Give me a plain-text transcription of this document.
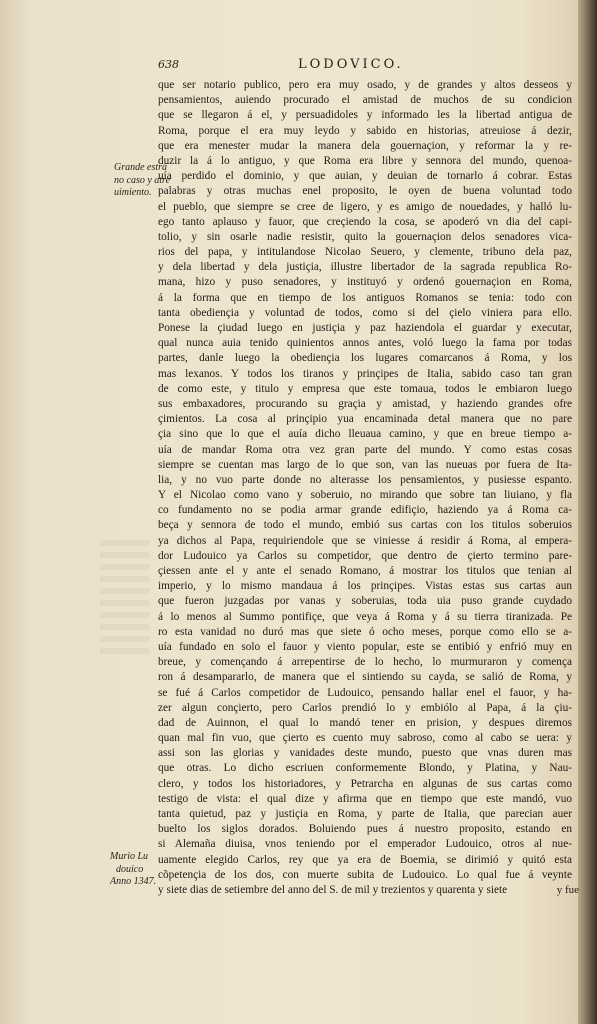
638	LODOVICO.
Grande estrá
no caso y atre
uimiento.
Murio Lu
douico
Anno 1347.
que ser notario publico, pero era muy osado, y de grandes y altos desseos y
pensamientos, auiendo procurado el amistad de muchos de su condicion
que se llegaron á el, y persuadidoles y informado les la libertad antigua de
Roma, porque el era muy leydo y sabido en historias, atreuiose á dezir,
que era menester mudar la manera dela gouernaçion, y reformar la y re-
duzir la á lo antiguo, y que Roma era libre y sennora del mundo, quenoa-
uía perdido el dominio, y que auian, y deuian de tornarlo á cobrar. Estas
palabras y otras muchas enel proposito, le oyen de buena voluntad todo
el pueblo, que siempre se cree de ligero, y es amigo de nouedades, y halló lu-
ego tanto aplauso y fauor, que creçiendo la cosa, se apoderó vn dia del capi-
tolio, y sin osarle nadie resistir, quito la gouernaçion delos senadores vica-
rios del papa, y intitulandose Nicolao Seuero, y clemente, tribuno dela paz,
y dela libertad y dela justiçia, illustre libertador de la sagrada republica Ro-
mana, hizo y puso senadores, y instituyó y ordenó gouernaçion en Roma,
á la forma que en tiempo de los antiguos Romanos se tenia: todo con
tanta obediençia y voluntad de todos, como si del çielo viniera para ello.
Ponese la çiudad luego en justiçia y paz haziendola el guardar y executar,
qual nunca auia tenido quinientos annos antes, voló luego la fama por todas
partes, danle luego la obediençia los lugares comarcanos á Roma, y los
mas lexanos. Y todos los tiranos y prinçipes de Italia, sabido caso tan gran
de como este, y titulo y empresa que este tomaua, todos le embiaron luego
sus embaxadores, procurando su graçia y amistad, y haziendo grandes ofre
çimientos. La cosa al prinçipio yua encaminada detal manera que no pare
çia sino que lo que el auía dicho lleuaua camino, y que en breue tiempo a-
uía de mandar Roma otra vez gran parte del mundo. Y como estas cosas
siempre se cuentan mas largo de lo que son, van las nueuas por fuera de Ita-
lia, y no vuo parte donde no alterasse los pensamientos, y pusiesse espanto.
Y el Nicolao como vano y soberuio, no mirando que sobre tan liuiano, y fla
co fundamento no se podia armar grande edifiçio, haziendo ya á Roma ca-
beça y sennora de todo el mundo, embió sus cartas con los titulos soberuios
ya dichos al Papa, requiriendole que se viniesse á residir á Roma, al empera-
dor Ludouico ya Carlos su competidor, que dentro de çierto termino pare-
çiessen ante el y ante el senado Romano, á mostrar los titulos que tenian al
imperio, y lo mismo mandaua á los prinçipes. Vistas estas sus cartas aun
que fueron juzgadas por vanas y soberuias, toda uia puso grande cuydado
á lo menos al Summo pontifiçe, que veya á Roma y á su tierra tiranizada. Pe
ro esta vanidad no duró mas que siete ó ocho meses, porque como ello se a-
uía fundado en solo el fauor y viento popular, este se entibió y enfrió muy en
breue, y començando á arrepentirse de lo hecho, lo murmuraron y comença
ron á desampararlo, de manera que el sintiendo su cayda, se salió de Roma, y
se fué á Carlos competidor de Ludouico, pensando hallar enel el fauor, y ha-
zer algun conçierto, pero Carlos prendió lo y embiólo al Papa, á la çiu-
dad de Auinnon, el qual lo mandó tener en prision, y despues diremos
quan mal fin vuo, que çierto es cuento muy sabroso, como al cabo se uera: y
assi son las glorias y vanidades deste mundo, puesto que vnas duren mas
que otras. Lo dicho escriuen conformemente Blondo, y Platina, y Nau-
clero, y todos los historiadores, y Petrarcha en algunas de sus cartas como
testigo de vista: el qual dize y afirma que en tiempo que este mandó, vuo
tanta quietud, paz y justiçia en Roma, y parte de Italia, que parecian auer
buelto los siglos dorados. Boluiendo pues á nuestro proposito, estando en
si Alemaña diuisa, vnos teniendo por el emperador Ludouico, otros al nue-
uamente elegido Carlos, rey que ya era de Boemia, se dirimió y quitó esta
cõpetençia de los dos, con muerte subita de Ludouico. Lo qual fue á veynte
y siete dias de setiembre del anno del S. de mil y trezientos y quarenta y siete	y fue
